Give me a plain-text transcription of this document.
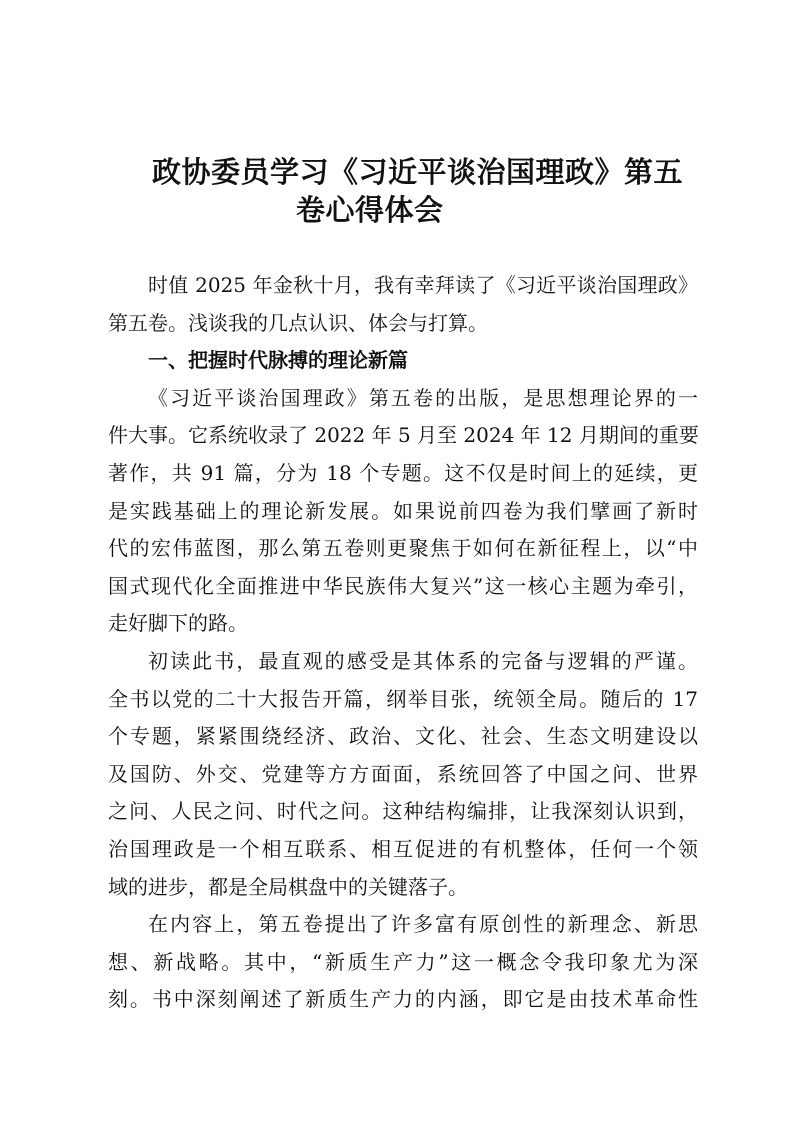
政协委员学习《习近平谈治国理政》第五
卷心得体会
时值 2025 年金秋十月，我有幸拜读了《习近平谈治国理政》
第五卷。浅谈我的几点认识、体会与打算。
一、把握时代脉搏的理论新篇
《习近平谈治国理政》第五卷的出版，是思想理论界的一
件大事。它系统收录了 2022 年 5 月至 2024 年 12 月期间的重要
著作，共 91 篇，分为 18 个专题。这不仅是时间上的延续，更
是实践基础上的理论新发展。如果说前四卷为我们擘画了新时
代的宏伟蓝图，那么第五卷则更聚焦于如何在新征程上，以“中
国式现代化全面推进中华民族伟大复兴”这一核心主题为牵引，
走好脚下的路。
初读此书，最直观的感受是其体系的完备与逻辑的严谨。
全书以党的二十大报告开篇，纲举目张，统领全局。随后的 17
个专题，紧紧围绕经济、政治、文化、社会、生态文明建设以
及国防、外交、党建等方方面面，系统回答了中国之问、世界
之问、人民之问、时代之问。这种结构编排，让我深刻认识到，
治国理政是一个相互联系、相互促进的有机整体，任何一个领
域的进步，都是全局棋盘中的关键落子。
在内容上，第五卷提出了许多富有原创性的新理念、新思
想、新战略。其中，“新质生产力”这一概念令我印象尤为深
刻。书中深刻阐述了新质生产力的内涵，即它是由技术革命性
